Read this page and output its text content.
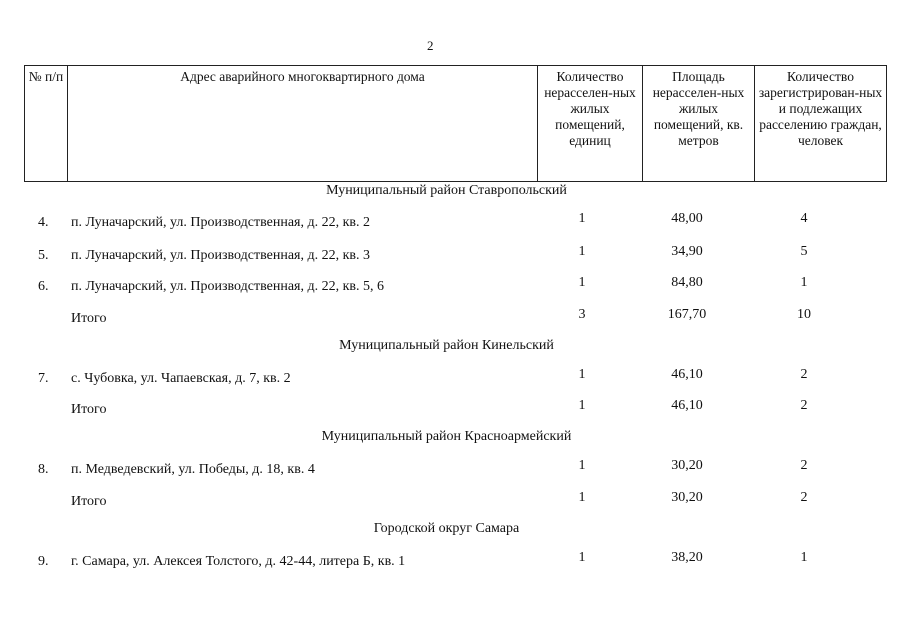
2
№ п/п	Адрес аварийного многоквартирного дома	Количество нерасселен-ных жилых помещений, единиц	Площадь нерасселен-ных жилых помещений, кв. метров	Количество зарегистрирован-ных и подлежащих расселению граждан, человек
Муниципальный район Ставропольский
4. п. Луначарский, ул. Производственная, д. 22, кв. 2	1	48,00	4
5. п. Луначарский, ул. Производственная, д. 22, кв. 3	1	34,90	5
6. п. Луначарский, ул. Производственная, д. 22, кв. 5, 6	1	84,80	1
Итого	3	167,70	10
Муниципальный район Кинельский
7. с. Чубовка, ул. Чапаевская, д. 7, кв. 2	1	46,10	2
Итого	1	46,10	2
Муниципальный район Красноармейский
8. п. Медведевский, ул. Победы, д. 18, кв. 4	1	30,20	2
Итого	1	30,20	2
Городской округ Самара
9. г. Самара, ул. Алексея Толстого, д. 42-44, литера Б, кв. 1	1	38,20	1
